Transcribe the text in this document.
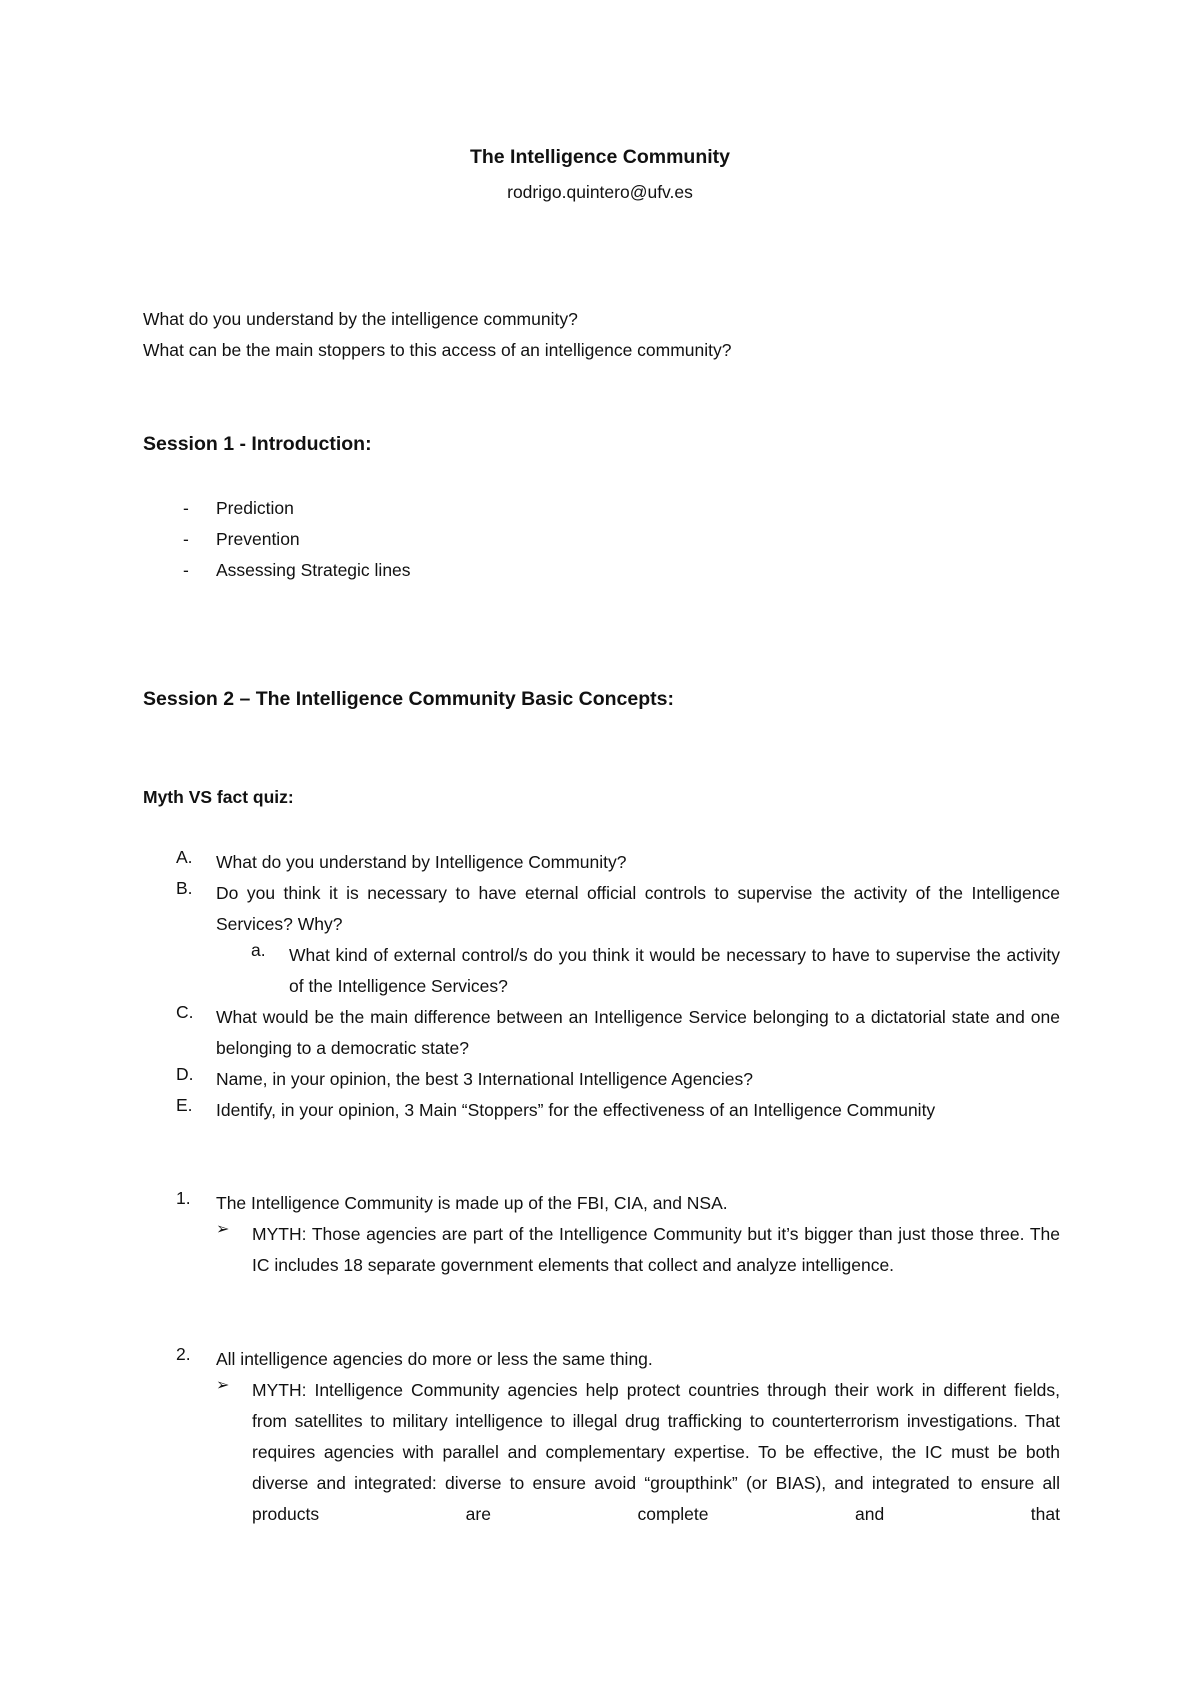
The Intelligence Community
rodrigo.quintero@ufv.es
What do you understand by the intelligence community?
What can be the main stoppers to this access of an intelligence community?
Session 1 - Introduction:
- Prediction
- Prevention
- Assessing Strategic lines
Session 2 – The Intelligence Community Basic Concepts:
Myth VS fact quiz:
A. What do you understand by Intelligence Community?
B. Do you think it is necessary to have eternal official controls to supervise the activity of the Intelligence Services? Why?
a. What kind of external control/s do you think it would be necessary to have to supervise the activity of the Intelligence Services?
C. What would be the main difference between an Intelligence Service belonging to a dictatorial state and one belonging to a democratic state?
D. Name, in your opinion, the best 3 International Intelligence Agencies?
E. Identify, in your opinion, 3 Main “Stoppers” for the effectiveness of an Intelligence Community
1. The Intelligence Community is made up of the FBI, CIA, and NSA.
➢ MYTH: Those agencies are part of the Intelligence Community but it’s bigger than just those three. The IC includes 18 separate government elements that collect and analyze intelligence.
2. All intelligence agencies do more or less the same thing.
➢ MYTH: Intelligence Community agencies help protect countries through their work in different fields, from satellites to military intelligence to illegal drug trafficking to counterterrorism investigations. That requires agencies with parallel and complementary expertise. To be effective, the IC must be both diverse and integrated: diverse to ensure avoid “groupthink” (or BIAS), and integrated to ensure all products are complete and that
